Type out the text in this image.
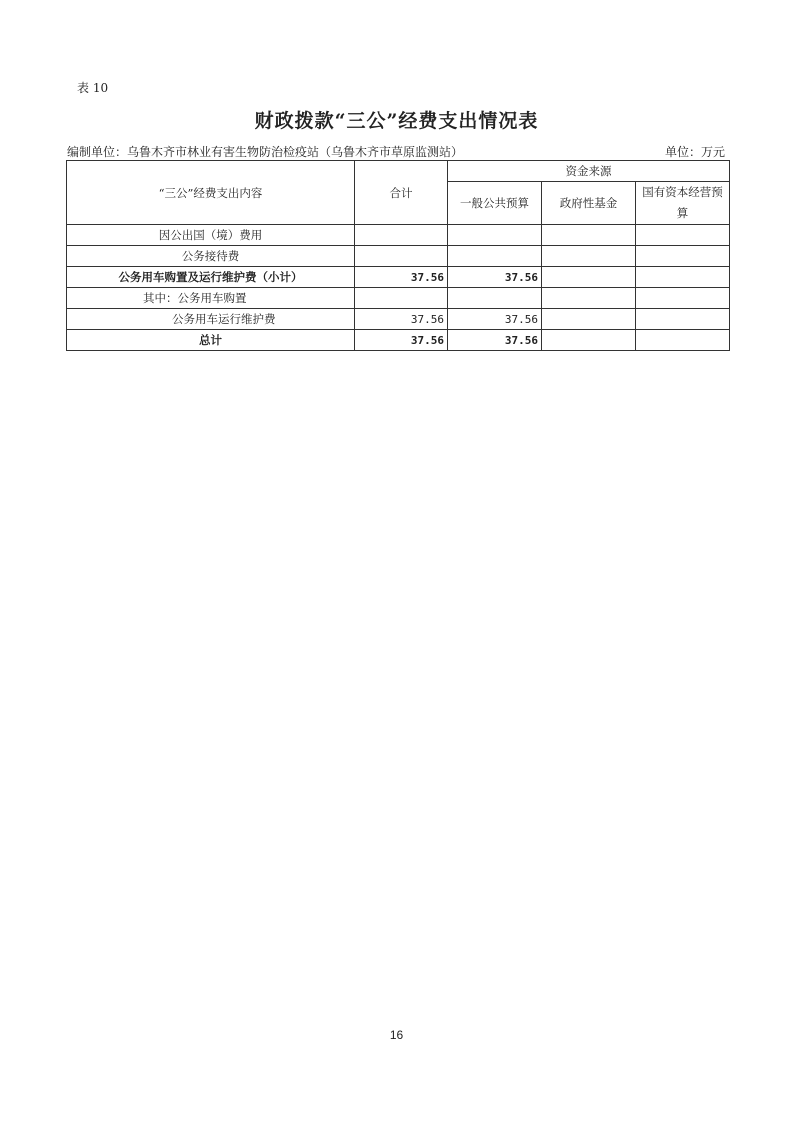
表 10
财政拨款“三公”经费支出情况表
编制单位：乌鲁木齐市林业有害生物防治检疫站（乌鲁木齐市草原监测站）	单位：万元
“三公”经费支出内容	合计	资金来源		
		一般公共预算	政府性基金	国有资本经营预算
因公出国（境）费用				
公务接待费				
公务用车购置及运行维护费（小计）	37.56	37.56		
其中：公务用车购置				
公务用车运行维护费	37.56	37.56		
总计	37.56	37.56		
16
